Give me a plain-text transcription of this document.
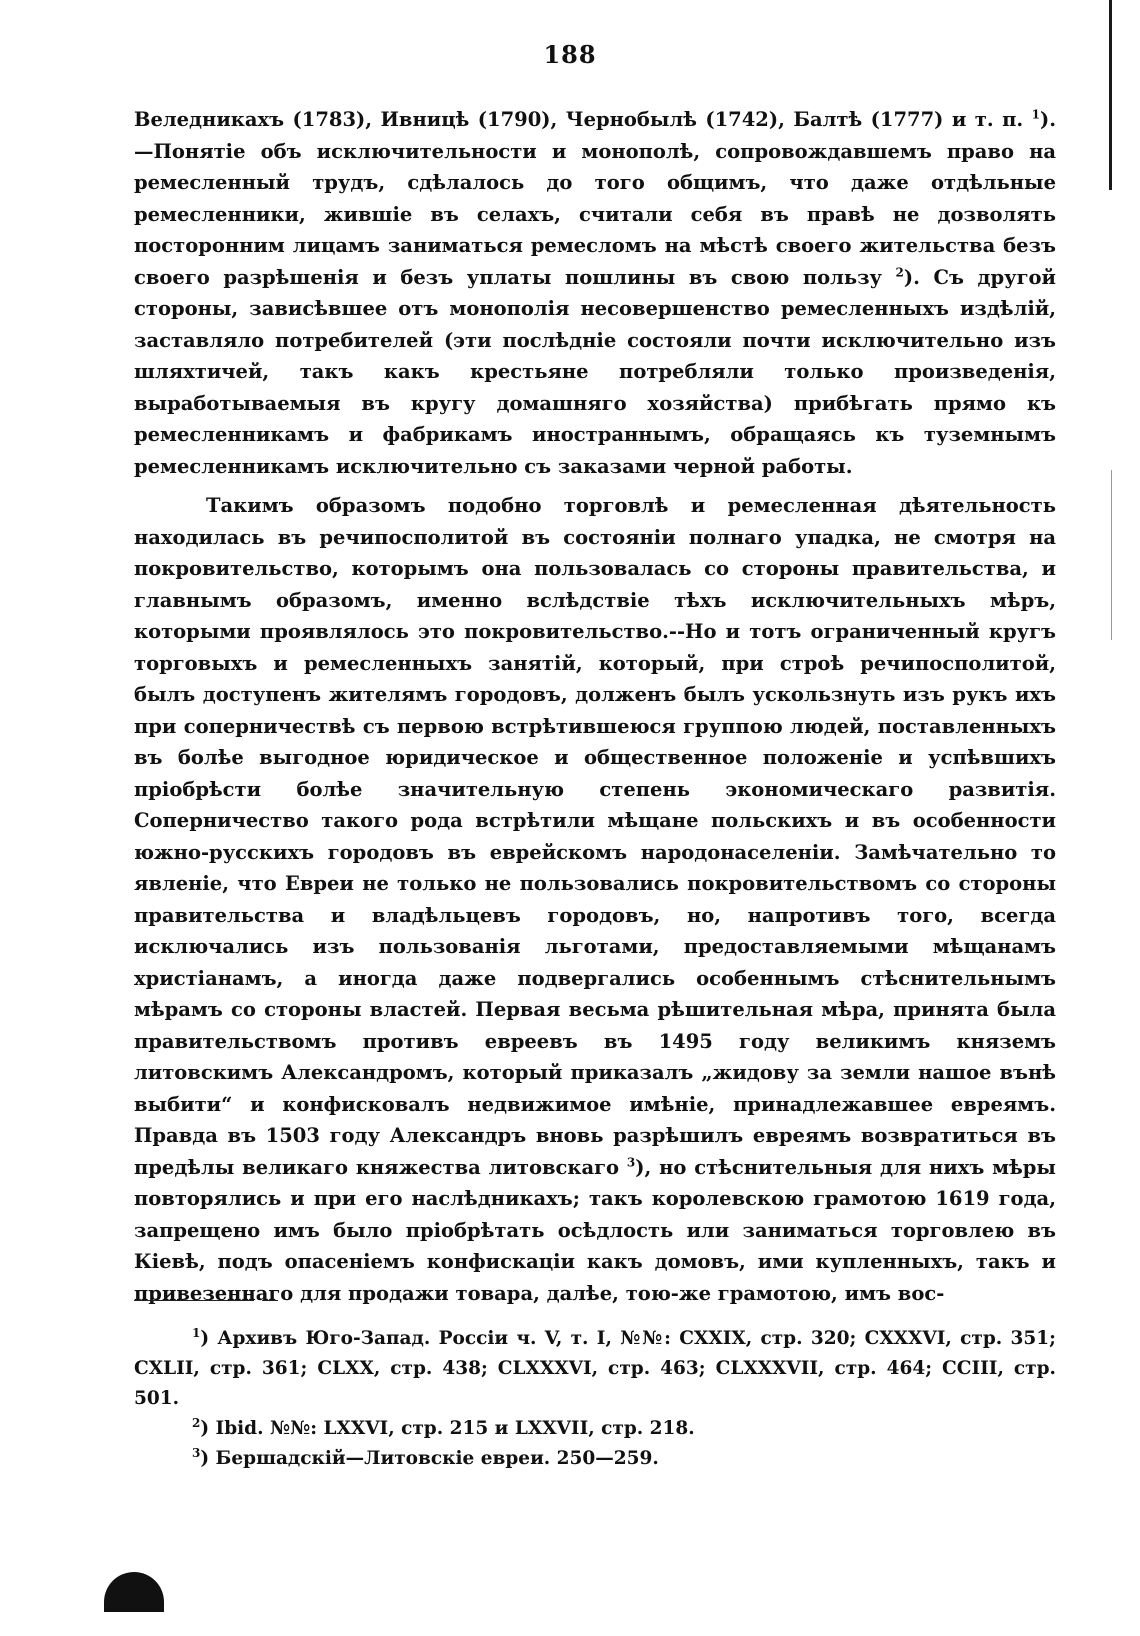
188

Веледникахъ (1783), Ивницѣ (1790), Чернобылѣ (1742), Балтѣ (1777) и т. п. $^1$).—Понятіе объ исключительности и монополѣ, сопровождавшемъ право на ремесленный трудъ, сдѣлалось до того общимъ, что даже отдѣльные ремесленники, жившіе въ селахъ, считали себя въ правѣ не дозволять посторонним лицамъ заниматься ремесломъ на мѣстѣ своего жительства безъ своего разрѣшенія и безъ уплаты пошлины въ свою пользу $^2$). Съ другой стороны, зависѣвшее отъ монополія несовершенство ремесленныхъ издѣлій, заставляло потребителей (эти послѣдніе состояли почти исключительно изъ шляхтичей, такъ какъ крестьяне потребляли только произведенія, выработываемыя въ кругу домашняго хозяйства) прибѣгать прямо къ ремесленникамъ и фабрикамъ иностраннымъ, обращаясь къ туземнымъ ремесленникамъ исключительно съ заказами черной работы.

Такимъ образомъ подобно торговлѣ и ремесленная дѣятельность находилась въ речипосполитой въ состояніи полнаго упадка, не смотря на покровительство, которымъ она пользовалась со стороны правительства, и главнымъ образомъ, именно вслѣдствіе тѣхъ исключительныхъ мѣръ, которыми проявлялось это покровительство.--Но и тотъ ограниченный кругъ торговыхъ и ремесленныхъ занятій, который, при строѣ речипосполитой, былъ доступенъ жителямъ городовъ, долженъ былъ ускользнуть изъ рукъ ихъ при соперничествѣ съ первою встрѣтившеюся группою людей, поставленныхъ въ болѣе выгодное юридическое и общественное положеніе и успѣвшихъ пріобрѣсти болѣе значительную степень экономическаго развитія. Соперничество такого рода встрѣтили мѣщане польскихъ и въ особенности южно-русскихъ городовъ въ еврейскомъ народонаселеніи. Замѣчательно то явленіе, что Евреи не только не пользовались покровительствомъ со стороны правительства и владѣльцевъ городовъ, но, напротивъ того, всегда исключались изъ пользованія льготами, предоставляемыми мѣщанамъ христіанамъ, а иногда даже подвергались особеннымъ стѣснительнымъ мѣрамъ со стороны властей. Первая весьма рѣшительная мѣра, принята была правительствомъ противъ евреевъ въ 1495 году великимъ княземъ литовскимъ Александромъ, который приказалъ „жидову за земли нашое вънѣ выбити“ и конфисковалъ недвижимое имѣніе, принадлежавшее евреямъ. Правда въ 1503 году Александръ вновь разрѣшилъ евреямъ возвратиться въ предѣлы великаго княжества литовскаго $^3$), но стѣснительныя для нихъ мѣры повторялись и при его наслѣдникахъ; такъ королевскою грамотою 1619 года, запрещено имъ было пріобрѣтать осѣдлость или заниматься торговлею въ Кіевѣ, подъ опасеніемъ конфискаціи какъ домовъ, ими купленныхъ, такъ и привезеннаго для продажи товара, далѣе, тою-же грамотою, имъ вос-

$^1$) Архивъ Юго-Запад. Россіи ч. V, т. I, №№: CXXIX, стр. 320; CXXXVI, стр. 351; CXLII, стр. 361; CLXX, стр. 438; CLXXXVI, стр. 463; CLXXXVII, стр. 464; CCIII, стр. 501.

$^2$) Ibid. №№: LXXVI, стр. 215 и LXXVII, стр. 218.

$^3$) Бершадскій—Литовскіе евреи. 250—259.
